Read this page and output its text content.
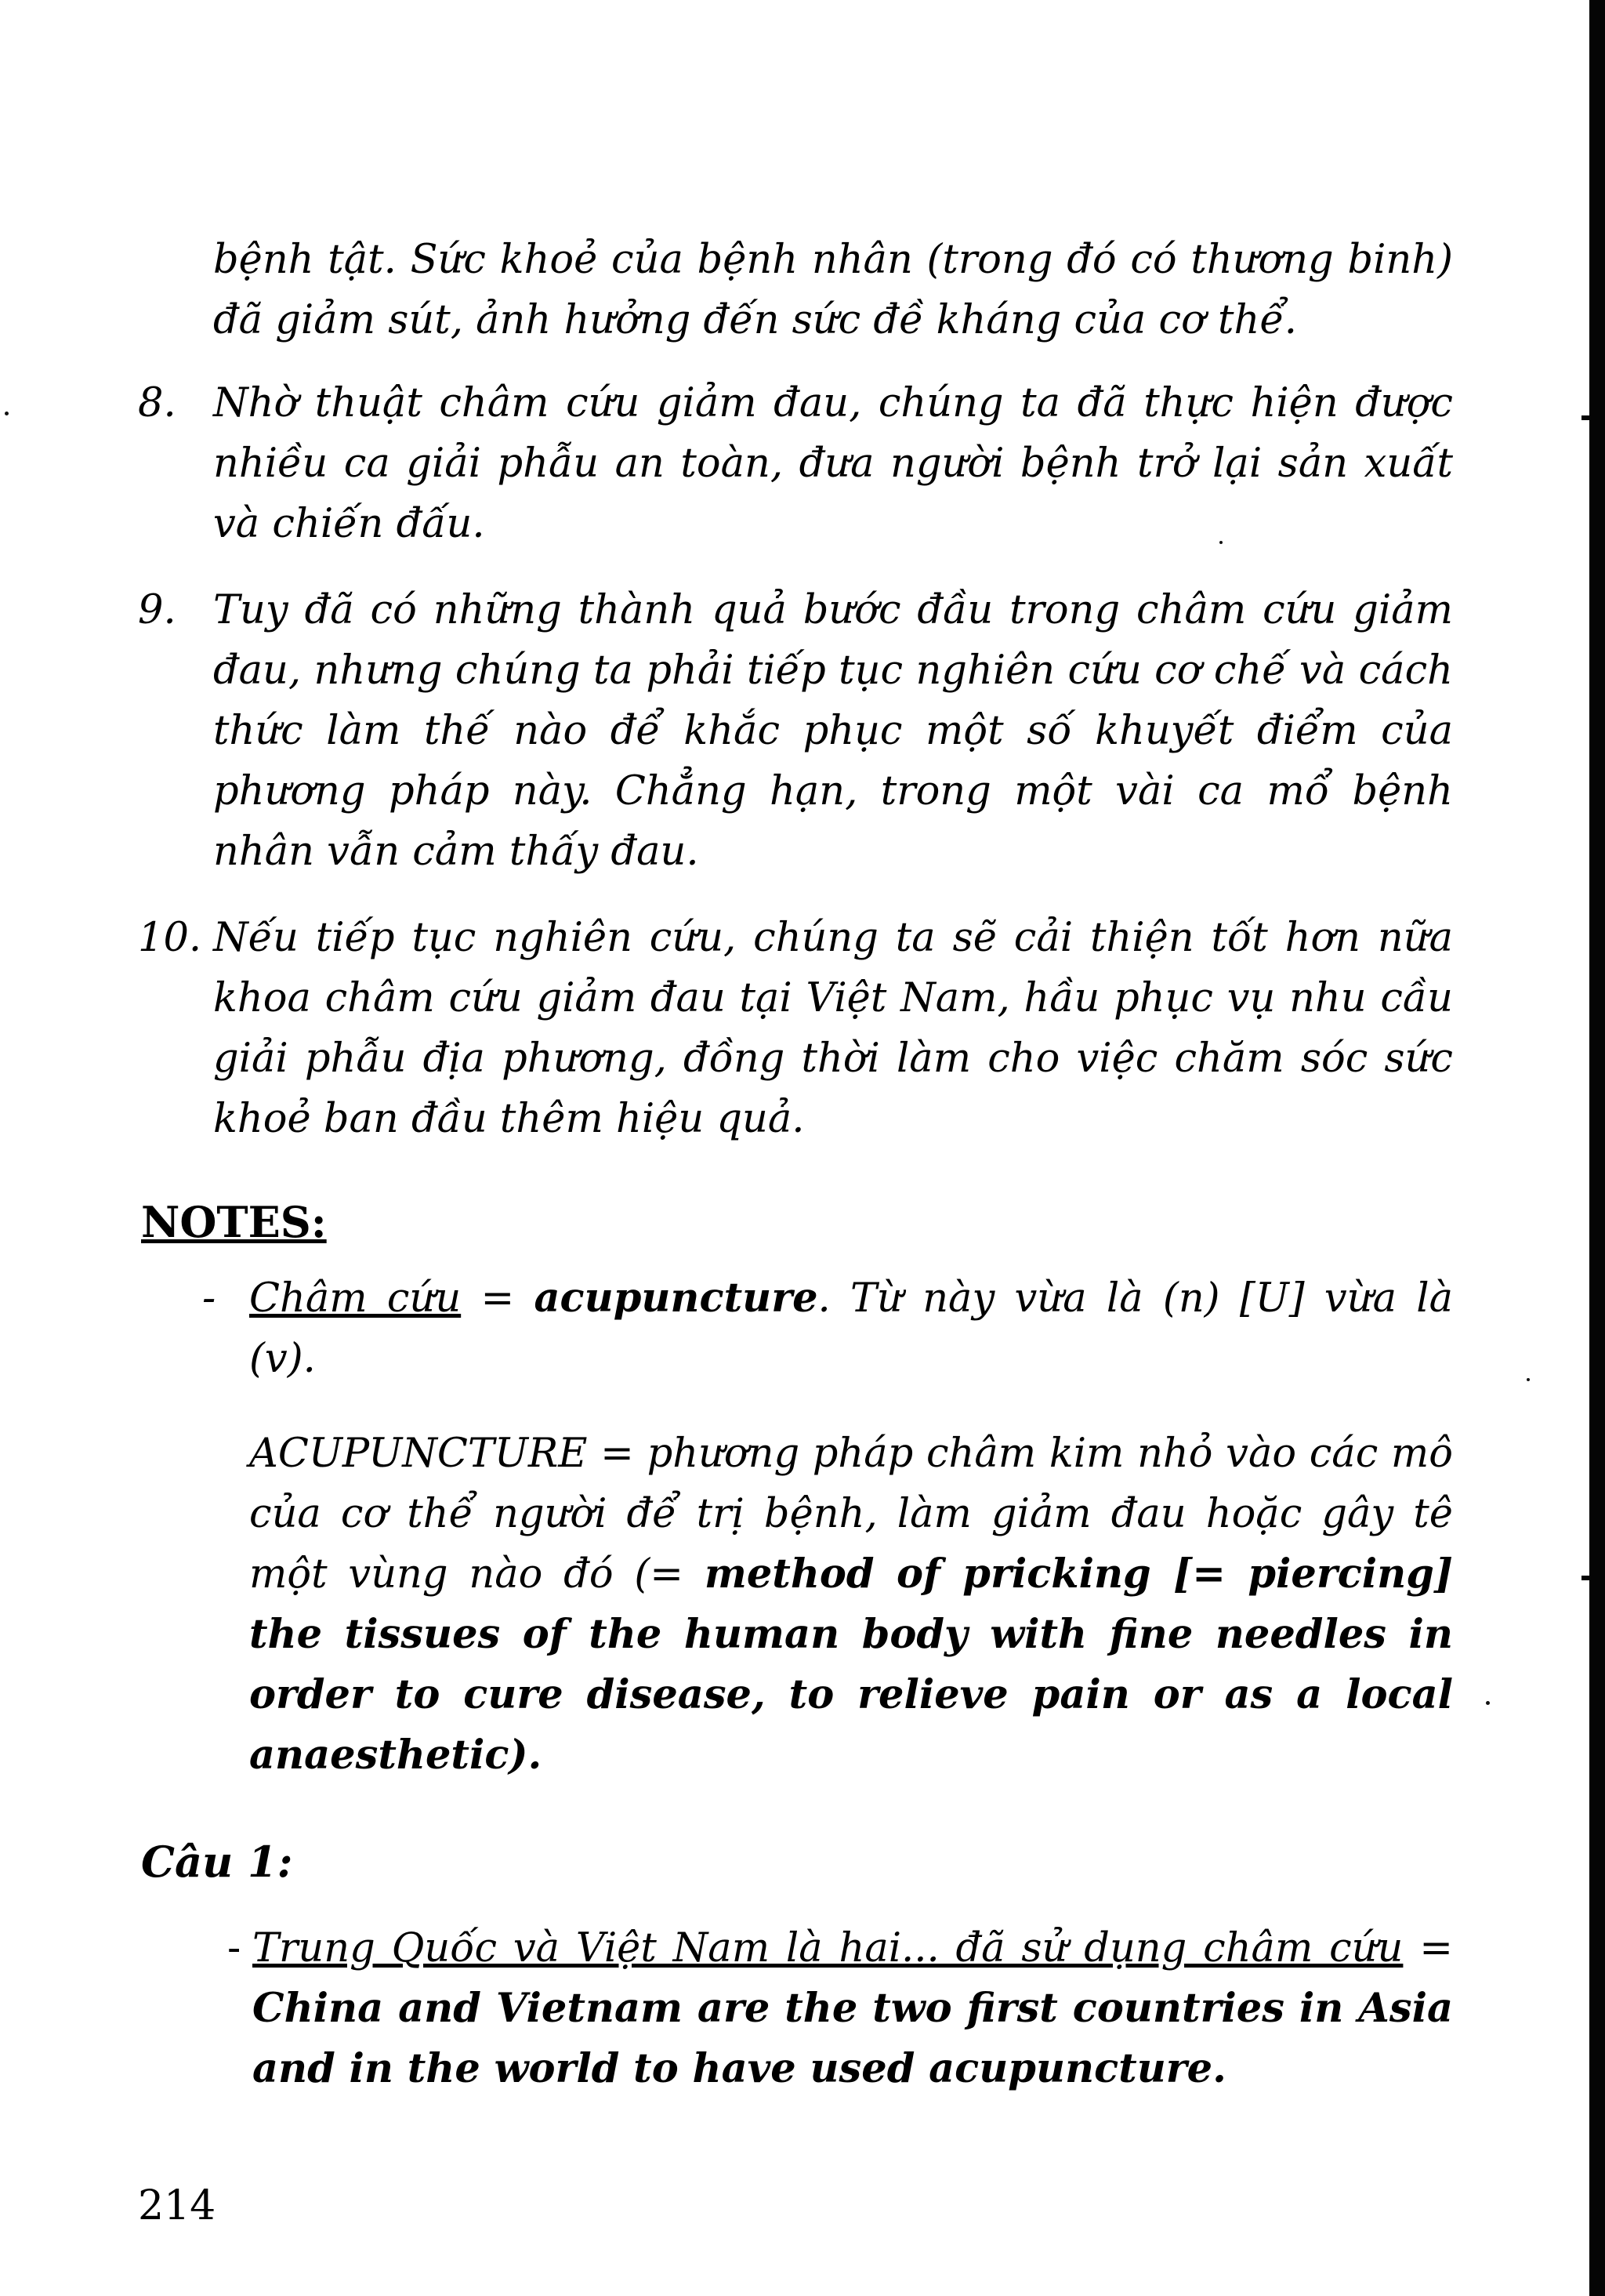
bệnh tật. Sức khoẻ của bệnh nhân (trong đó có thương binh) đã giảm sút, ảnh hưởng đến sức đề kháng của cơ thể.

8. Nhờ thuật châm cứu giảm đau, chúng ta đã thực hiện được nhiều ca giải phẫu an toàn, đưa người bệnh trở lại sản xuất và chiến đấu.
9. Tuy đã có những thành quả bước đầu trong châm cứu giảm đau, nhưng chúng ta phải tiếp tục nghiên cứu cơ chế và cách thức làm thế nào để khắc phục một số khuyết điểm của phương pháp này. Chẳng hạn, trong một vài ca mổ bệnh nhân vẫn cảm thấy đau.
10. Nếu tiếp tục nghiên cứu, chúng ta sẽ cải thiện tốt hơn nữa khoa châm cứu giảm đau tại Việt Nam, hầu phục vụ nhu cầu giải phẫu địa phương, đồng thời làm cho việc chăm sóc sức khoẻ ban đầu thêm hiệu quả.
NOTES:
- Châm cứu = acupuncture. Từ này vừa là (n) [U] vừa là (v).
ACUPUNCTURE = phương pháp châm kim nhỏ vào các mô của cơ thể người để trị bệnh, làm giảm đau hoặc gây tê một vùng nào đó (= method of pricking [= piercing] the tissues of the human body with fine needles in order to cure disease, to relieve pain or as a local anaesthetic).
Câu 1:
- Trung Quốc và Việt Nam là hai... đã sử dụng châm cứu = China and Vietnam are the two first countries in Asia and in the world to have used acupuncture.
214
